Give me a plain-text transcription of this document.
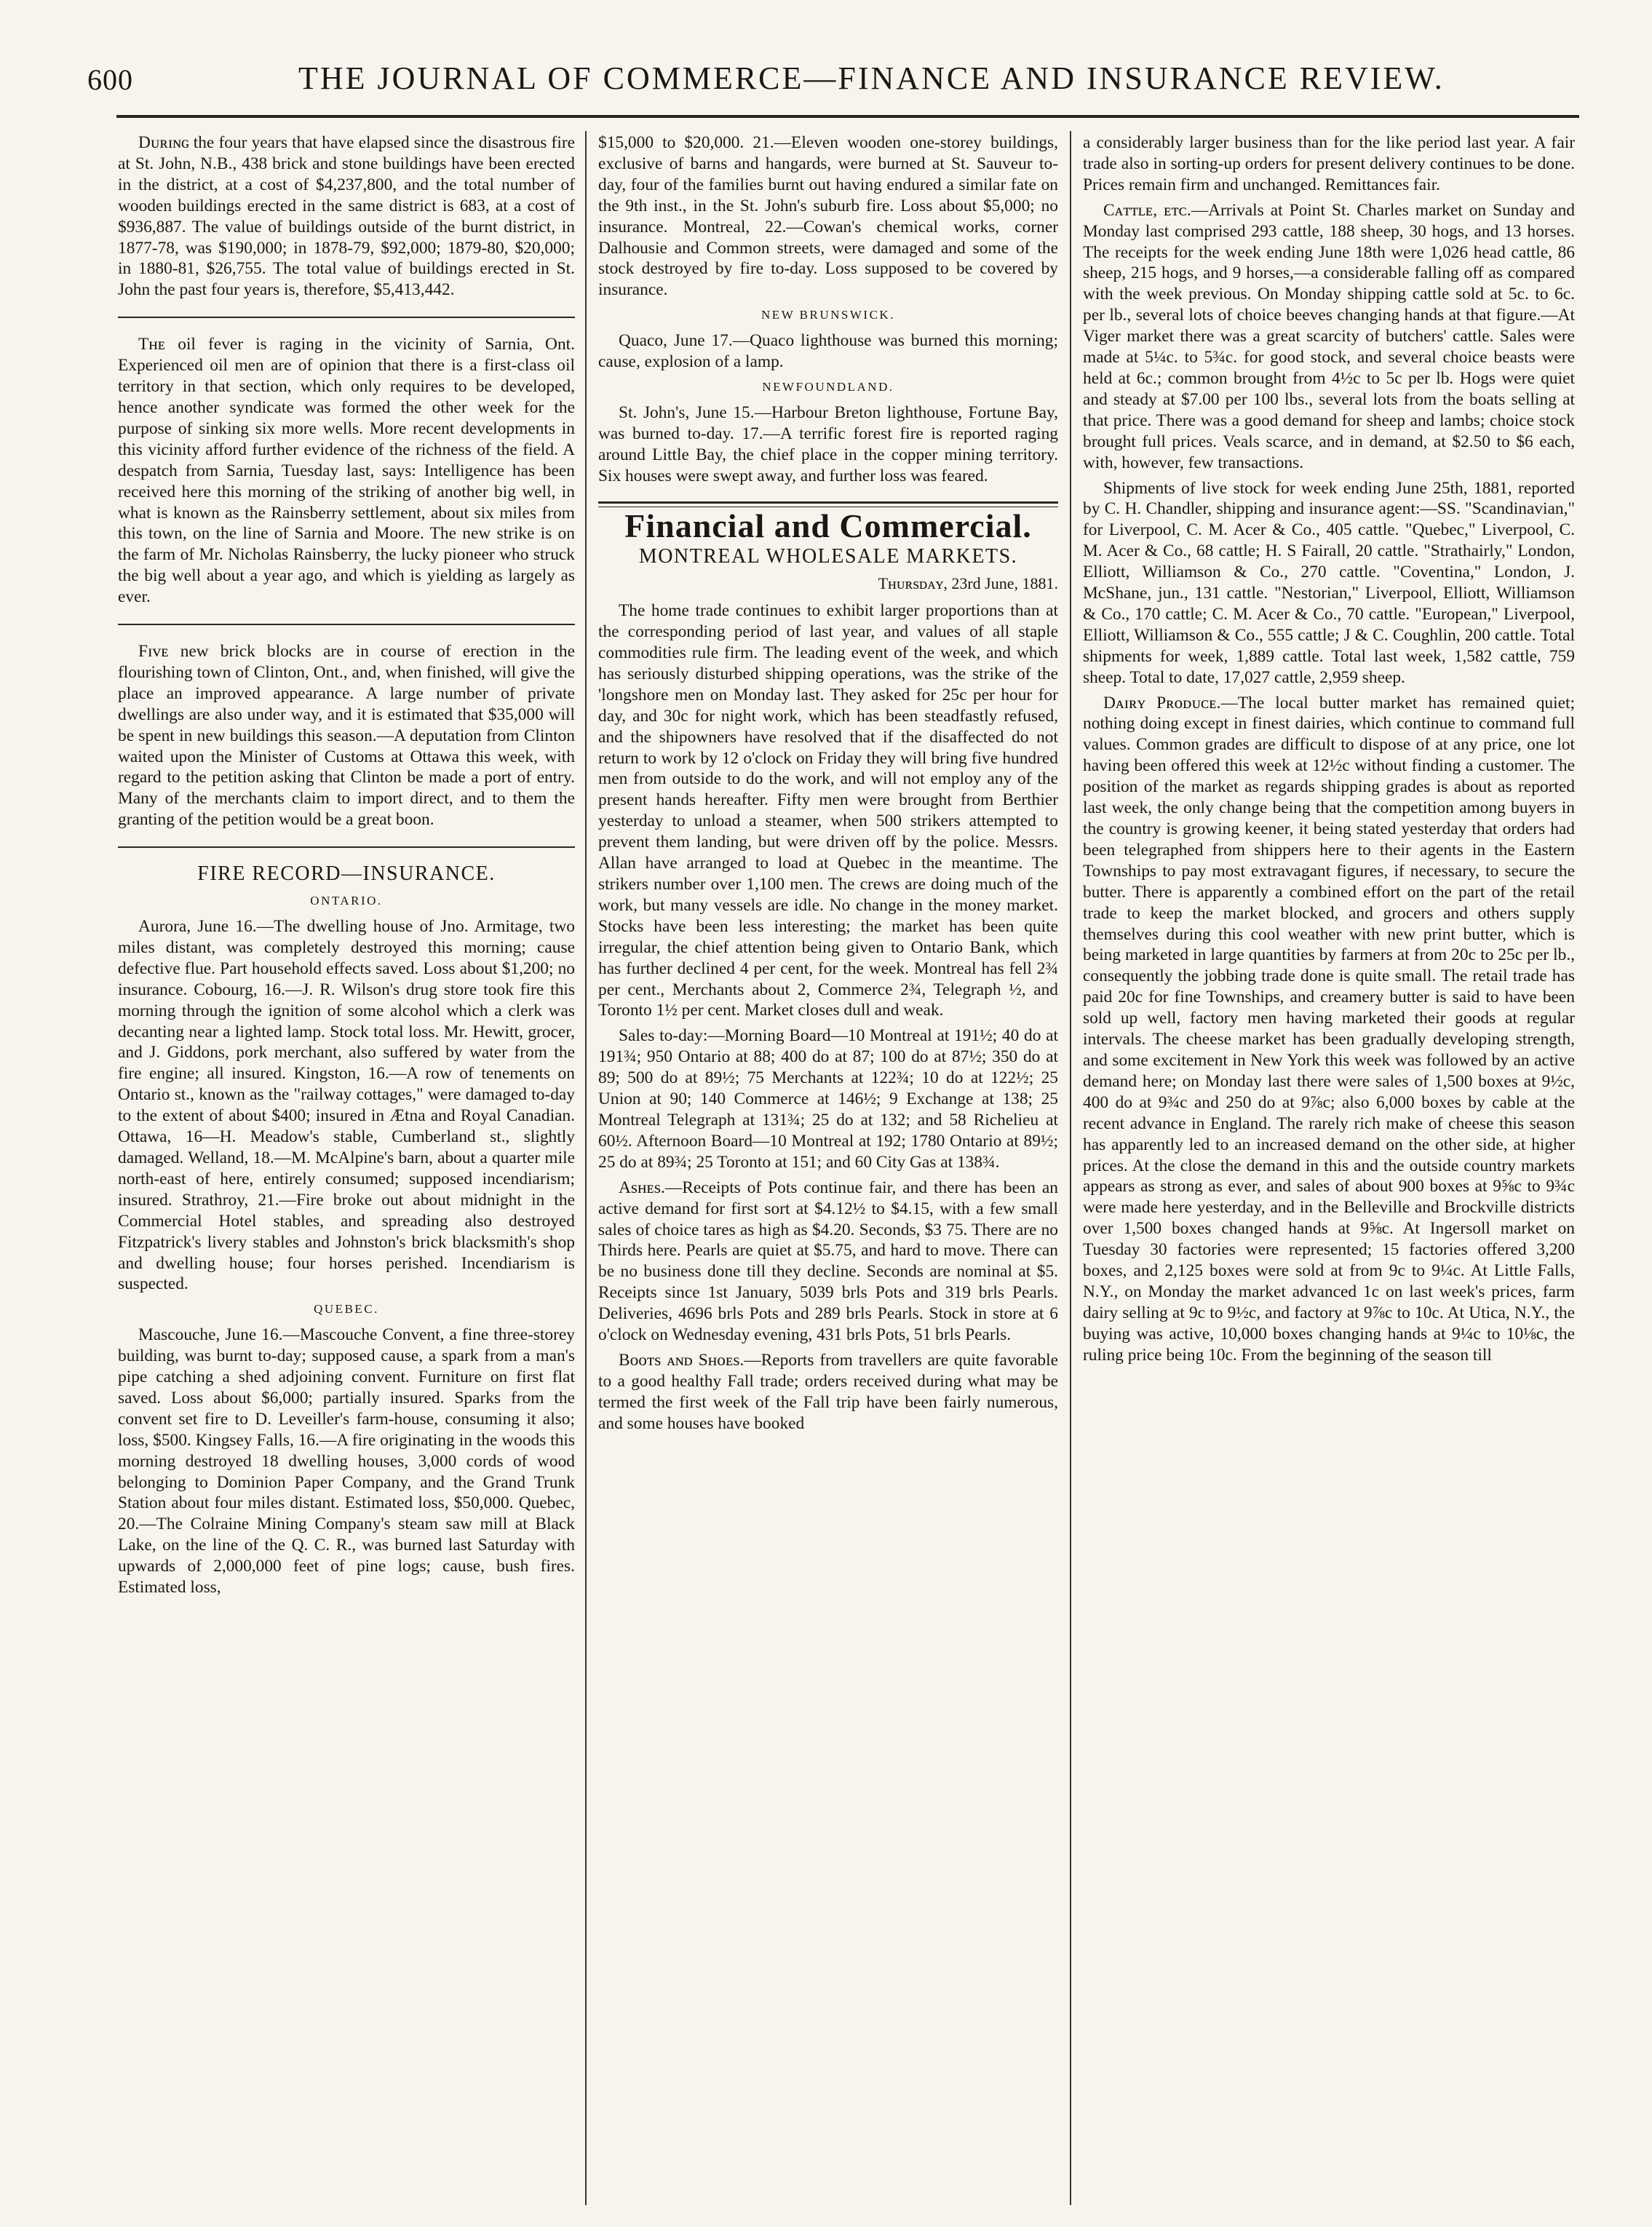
600	THE JOURNAL OF COMMERCE—FINANCE AND INSURANCE REVIEW.

Dᴜʀɪɴɢ the four years that have elapsed since the disastrous fire at St. John, N.B., 438 brick and stone buildings have been erected in the district, at a cost of $4,237,800, and the total number of wooden buildings erected in the same district is 683, at a cost of $936,887. The value of buildings outside of the burnt district, in 1877-78, was $190,000; in 1878-79, $92,000; 1879-80, $20,000; in 1880-81, $26,755. The total value of buildings erected in St. John the past four years is, therefore, $5,413,442.

Tʜᴇ oil fever is raging in the vicinity of Sarnia, Ont. Experienced oil men are of opinion that there is a first-class oil territory in that section, which only requires to be developed, hence another syndicate was formed the other week for the purpose of sinking six more wells. More recent developments in this vicinity afford further evidence of the richness of the field. A despatch from Sarnia, Tuesday last, says: Intelligence has been received here this morning of the striking of another big well, in what is known as the Rainsberry settlement, about six miles from this town, on the line of Sarnia and Moore. The new strike is on the farm of Mr. Nicholas Rainsberry, the lucky pioneer who struck the big well about a year ago, and which is yielding as largely as ever.

Fɪᴠᴇ new brick blocks are in course of erection in the flourishing town of Clinton, Ont., and, when finished, will give the place an improved appearance. A large number of private dwellings are also under way, and it is estimated that $35,000 will be spent in new buildings this season.—A deputation from Clinton waited upon the Minister of Customs at Ottawa this week, with regard to the petition asking that Clinton be made a port of entry. Many of the merchants claim to import direct, and to them the granting of the petition would be a great boon.

FIRE RECORD—INSURANCE.
ONTARIO.

Aurora, June 16.—The dwelling house of Jno. Armitage, two miles distant, was completely destroyed this morning; cause defective flue. Part household effects saved. Loss about $1,200; no insurance. Cobourg, 16.—J. R. Wilson's drug store took fire this morning through the ignition of some alcohol which a clerk was decanting near a lighted lamp. Stock total loss. Mr. Hewitt, grocer, and J. Giddons, pork merchant, also suffered by water from the fire engine; all insured. Kingston, 16.—A row of tenements on Ontario st., known as the "railway cottages," were damaged to-day to the extent of about $400; insured in Ætna and Royal Canadian. Ottawa, 16—H. Meadow's stable, Cumberland st., slightly damaged. Welland, 18.—M. McAlpine's barn, about a quarter mile north-east of here, entirely consumed; supposed incendiarism; insured. Strathroy, 21.—Fire broke out about midnight in the Commercial Hotel stables, and spreading also destroyed Fitzpatrick's livery stables and Johnston's brick blacksmith's shop and dwelling house; four horses perished. Incendiarism is suspected.

QUEBEC.

Mascouche, June 16.—Mascouche Convent, a fine three-storey building, was burnt to-day; supposed cause, a spark from a man's pipe catching a shed adjoining convent. Furniture on first flat saved. Loss about $6,000; partially insured. Sparks from the convent set fire to D. Leveiller's farm-house, consuming it also; loss, $500. Kingsey Falls, 16.—A fire originating in the woods this morning destroyed 18 dwelling houses, 3,000 cords of wood belonging to Dominion Paper Company, and the Grand Trunk Station about four miles distant. Estimated loss, $50,000. Quebec, 20.—The Colraine Mining Company's steam saw mill at Black Lake, on the line of the Q. C. R., was burned last Saturday with upwards of 2,000,000 feet of pine logs; cause, bush fires. Estimated loss,

$15,000 to $20,000. 21.—Eleven wooden one-storey buildings, exclusive of barns and hangards, were burned at St. Sauveur to-day, four of the families burnt out having endured a similar fate on the 9th inst., in the St. John's suburb fire. Loss about $5,000; no insurance. Montreal, 22.—Cowan's chemical works, corner Dalhousie and Common streets, were damaged and some of the stock destroyed by fire to-day. Loss supposed to be covered by insurance.

NEW BRUNSWICK.

Quaco, June 17.—Quaco lighthouse was burned this morning; cause, explosion of a lamp.

NEWFOUNDLAND.

St. John's, June 15.—Harbour Breton lighthouse, Fortune Bay, was burned to-day. 17.—A terrific forest fire is reported raging around Little Bay, the chief place in the copper mining territory. Six houses were swept away, and further loss was feared.

Financial and Commercial.
MONTREAL WHOLESALE MARKETS.
Tʜᴜʀsᴅᴀʏ, 23rd June, 1881.

The home trade continues to exhibit larger proportions than at the corresponding period of last year, and values of all staple commodities rule firm. The leading event of the week, and which has seriously disturbed shipping operations, was the strike of the 'longshore men on Monday last. They asked for 25c per hour for day, and 30c for night work, which has been steadfastly refused, and the shipowners have resolved that if the disaffected do not return to work by 12 o'clock on Friday they will bring five hundred men from outside to do the work, and will not employ any of the present hands hereafter. Fifty men were brought from Berthier yesterday to unload a steamer, when 500 strikers attempted to prevent them landing, but were driven off by the police. Messrs. Allan have arranged to load at Quebec in the meantime. The strikers number over 1,100 men. The crews are doing much of the work, but many vessels are idle. No change in the money market. Stocks have been less interesting; the market has been quite irregular, the chief attention being given to Ontario Bank, which has further declined 4 per cent, for the week. Montreal has fell 2¾ per cent., Merchants about 2, Commerce 2¾, Telegraph ½, and Toronto 1½ per cent. Market closes dull and weak.

Sales to-day:—Morning Board—10 Montreal at 191½; 40 do at 191¾; 950 Ontario at 88; 400 do at 87; 100 do at 87½; 350 do at 89; 500 do at 89½; 75 Merchants at 122¾; 10 do at 122½; 25 Union at 90; 140 Commerce at 146½; 9 Exchange at 138; 25 Montreal Telegraph at 131¾; 25 do at 132; and 58 Richelieu at 60½. Afternoon Board—10 Montreal at 192; 1780 Ontario at 89½; 25 do at 89¾; 25 Toronto at 151; and 60 City Gas at 138¾.

Asʜᴇs.—Receipts of Pots continue fair, and there has been an active demand for first sort at $4.12½ to $4.15, with a few small sales of choice tares as high as $4.20. Seconds, $3 75. There are no Thirds here. Pearls are quiet at $5.75, and hard to move. There can be no business done till they decline. Seconds are nominal at $5. Receipts since 1st January, 5039 brls Pots and 319 brls Pearls. Deliveries, 4696 brls Pots and 289 brls Pearls. Stock in store at 6 o'clock on Wednesday evening, 431 brls Pots, 51 brls Pearls.

Bᴏᴏᴛs ᴀɴᴅ Sʜᴏᴇs.—Reports from travellers are quite favorable to a good healthy Fall trade; orders received during what may be termed the first week of the Fall trip have been fairly numerous, and some houses have booked

a considerably larger business than for the like period last year. A fair trade also in sorting-up orders for present delivery continues to be done. Prices remain firm and unchanged. Remittances fair.

Cᴀᴛᴛʟᴇ, ᴇᴛᴄ.—Arrivals at Point St. Charles market on Sunday and Monday last comprised 293 cattle, 188 sheep, 30 hogs, and 13 horses. The receipts for the week ending June 18th were 1,026 head cattle, 86 sheep, 215 hogs, and 9 horses,—a considerable falling off as compared with the week previous. On Monday shipping cattle sold at 5c. to 6c. per lb., several lots of choice beeves changing hands at that figure.—At Viger market there was a great scarcity of butchers' cattle. Sales were made at 5¼c. to 5¾c. for good stock, and several choice beasts were held at 6c.; common brought from 4½c to 5c per lb. Hogs were quiet and steady at $7.00 per 100 lbs., several lots from the boats selling at that price. There was a good demand for sheep and lambs; choice stock brought full prices. Veals scarce, and in demand, at $2.50 to $6 each, with, however, few transactions.

Shipments of live stock for week ending June 25th, 1881, reported by C. H. Chandler, shipping and insurance agent:—SS. "Scandinavian," for Liverpool, C. M. Acer & Co., 405 cattle. "Quebec," Liverpool, C. M. Acer & Co., 68 cattle; H. S Fairall, 20 cattle. "Strathairly," London, Elliott, Williamson & Co., 270 cattle. "Coventina," London, J. McShane, jun., 131 cattle. "Nestorian," Liverpool, Elliott, Williamson & Co., 170 cattle; C. M. Acer & Co., 70 cattle. "European," Liverpool, Elliott, Williamson & Co., 555 cattle; J & C. Coughlin, 200 cattle. Total shipments for week, 1,889 cattle. Total last week, 1,582 cattle, 759 sheep. Total to date, 17,027 cattle, 2,959 sheep.

Dᴀɪʀʏ Pʀᴏᴅᴜᴄᴇ.—The local butter market has remained quiet; nothing doing except in finest dairies, which continue to command full values. Common grades are difficult to dispose of at any price, one lot having been offered this week at 12½c without finding a customer. The position of the market as regards shipping grades is about as reported last week, the only change being that the competition among buyers in the country is growing keener, it being stated yesterday that orders had been telegraphed from shippers here to their agents in the Eastern Townships to pay most extravagant figures, if necessary, to secure the butter. There is apparently a combined effort on the part of the retail trade to keep the market blocked, and grocers and others supply themselves during this cool weather with new print butter, which is being marketed in large quantities by farmers at from 20c to 25c per lb., consequently the jobbing trade done is quite small. The retail trade has paid 20c for fine Townships, and creamery butter is said to have been sold up well, factory men having marketed their goods at regular intervals. The cheese market has been gradually developing strength, and some excitement in New York this week was followed by an active demand here; on Monday last there were sales of 1,500 boxes at 9½c, 400 do at 9¾c and 250 do at 9⅞c; also 6,000 boxes by cable at the recent advance in England. The rarely rich make of cheese this season has apparently led to an increased demand on the other side, at higher prices. At the close the demand in this and the outside country markets appears as strong as ever, and sales of about 900 boxes at 9⅝c to 9¾c were made here yesterday, and in the Belleville and Brockville districts over 1,500 boxes changed hands at 9⅝c. At Ingersoll market on Tuesday 30 factories were represented; 15 factories offered 3,200 boxes, and 2,125 boxes were sold at from 9c to 9¼c. At Little Falls, N.Y., on Monday the market advanced 1c on last week's prices, farm dairy selling at 9c to 9½c, and factory at 9⅞c to 10c. At Utica, N.Y., the buying was active, 10,000 boxes changing hands at 9¼c to 10⅛c, the ruling price being 10c. From the beginning of the season till
